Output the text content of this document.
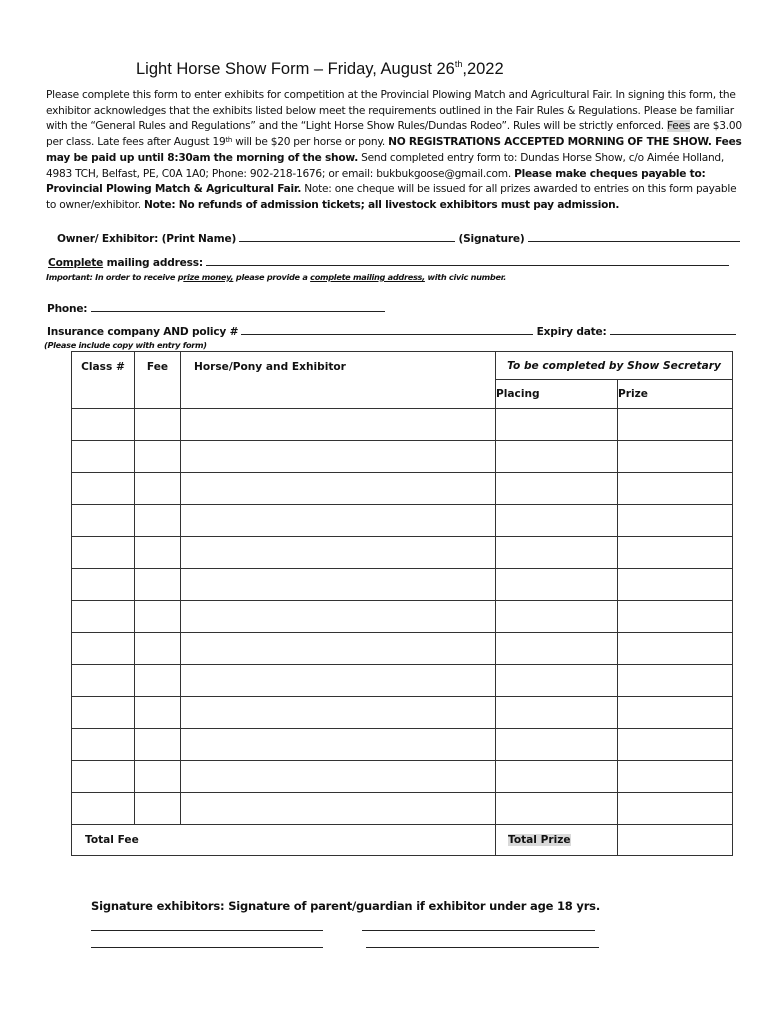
Light Horse Show Form – Friday, August 26th,2022
Please complete this form to enter exhibits for competition at the Provincial Plowing Match and Agricultural Fair. In signing this form, the exhibitor acknowledges that the exhibits listed below meet the requirements outlined in the Fair Rules & Regulations. Please be familiar with the “General Rules and Regulations” and the “Light Horse Show Rules/Dundas Rodeo”. Rules will be strictly enforced. Fees are $3.00 per class. Late fees after August 19th will be $20 per horse or pony. NO REGISTRATIONS ACCEPTED MORNING OF THE SHOW. Fees may be paid up until 8:30am the morning of the show. Send completed entry form to: Dundas Horse Show, c/o Aimée Holland, 4983 TCH, Belfast, PE, C0A 1A0; Phone: 902-218-1676; or email: bukbukgoose@gmail.com. Please make cheques payable to: Provincial Plowing Match & Agricultural Fair. Note: one cheque will be issued for all prizes awarded to entries on this form payable to owner/exhibitor. Note: No refunds of admission tickets; all livestock exhibitors must pay admission.
Owner/ Exhibitor: (Print Name)	(Signature)
Complete mailing address:
Important: In order to receive prize money, please provide a complete mailing address, with civic number.
Phone:
Insurance company AND policy #	Expiry date:
(Please include copy with entry form)
Class #	Fee	Horse/Pony and Exhibitor	To be completed by Show Secretary	
			Placing	Prize

Total Fee			Total Prize	
Signature exhibitors: Signature of parent/guardian if exhibitor under age 18 yrs.
